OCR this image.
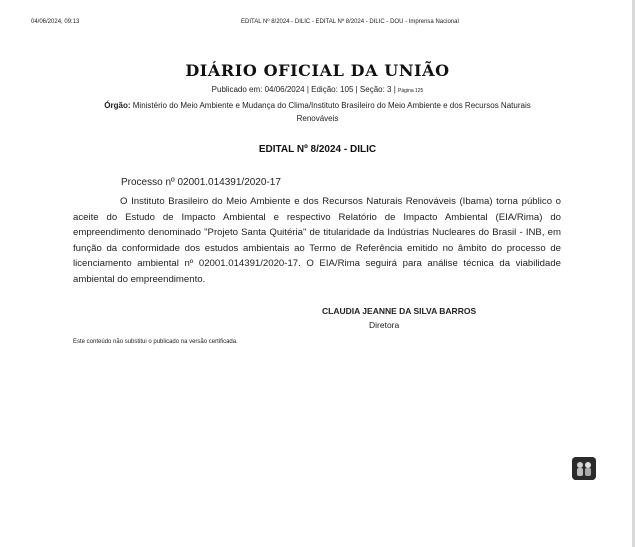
04/06/2024, 09:13	EDITAL Nº 8/2024 - DILIC - EDITAL Nº 8/2024 - DILIC - DOU - Imprensa Nacional
DIÁRIO OFICIAL DA UNIÃO
Publicado em: 04/06/2024 | Edição: 105 | Seção: 3 | Página 125
Órgão: Ministério do Meio Ambiente e Mudança do Clima/Instituto Brasileiro do Meio Ambiente e dos Recursos Naturais Renováveis
EDITAL Nº 8/2024 - DILIC
Processo nº 02001.014391/2020-17
O Instituto Brasileiro do Meio Ambiente e dos Recursos Naturais Renováveis (Ibama) torna público o aceite do Estudo de Impacto Ambiental e respectivo Relatório de Impacto Ambiental (EIA/Rima) do empreendimento denominado "Projeto Santa Quitéria" de titularidade da Indústrias Nucleares do Brasil - INB, em função da conformidade dos estudos ambientais ao Termo de Referência emitido no âmbito do processo de licenciamento ambiental nº 02001.014391/2020-17. O EIA/Rima seguirá para análise técnica da viabilidade ambiental do empreendimento.
CLAUDIA JEANNE DA SILVA BARROS
Diretora
Este conteúdo não substitui o publicado na versão certificada.
